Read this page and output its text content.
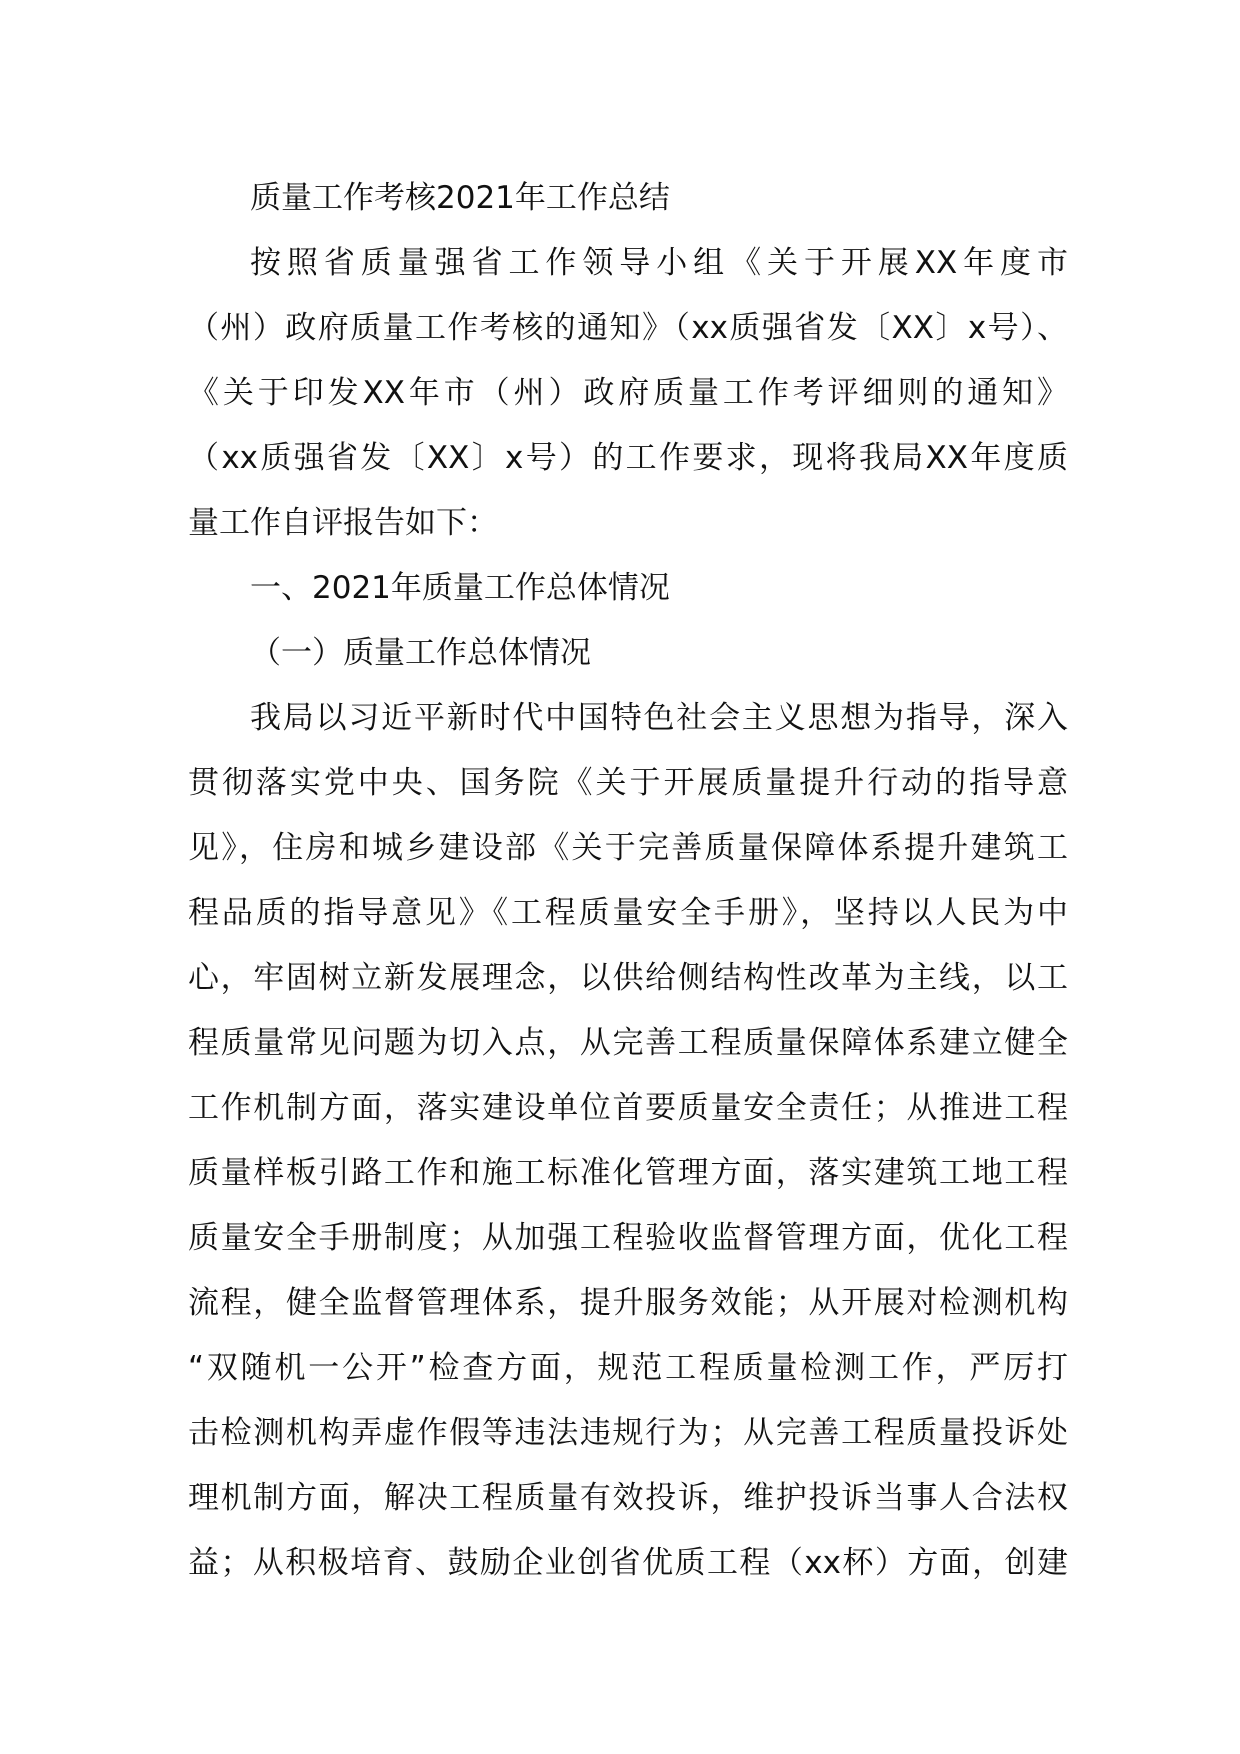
质量工作考核2021年工作总结
按照省质量强省工作领导小组《关于开展XX年度市
（州）政府质量工作考核的通知》（xx质强省发〔XX〕x号）、
《关于印发XX年市（州）政府质量工作考评细则的通知》
（xx质强省发〔XX〕x号）的工作要求，现将我局XX年度质
量工作自评报告如下：
一、2021年质量工作总体情况
（一）质量工作总体情况
我局以习近平新时代中国特色社会主义思想为指导，深入
贯彻落实党中央、国务院《关于开展质量提升行动的指导意
见》，住房和城乡建设部《关于完善质量保障体系提升建筑工
程品质的指导意见》《工程质量安全手册》，坚持以人民为中
心，牢固树立新发展理念，以供给侧结构性改革为主线，以工
程质量常见问题为切入点，从完善工程质量保障体系建立健全
工作机制方面，落实建设单位首要质量安全责任；从推进工程
质量样板引路工作和施工标准化管理方面，落实建筑工地工程
质量安全手册制度；从加强工程验收监督管理方面，优化工程
流程，健全监督管理体系，提升服务效能；从开展对检测机构
“双随机一公开”检查方面，规范工程质量检测工作，严厉打
击检测机构弄虚作假等违法违规行为；从完善工程质量投诉处
理机制方面，解决工程质量有效投诉，维护投诉当事人合法权
益；从积极培育、鼓励企业创省优质工程（xx杯）方面，创建
